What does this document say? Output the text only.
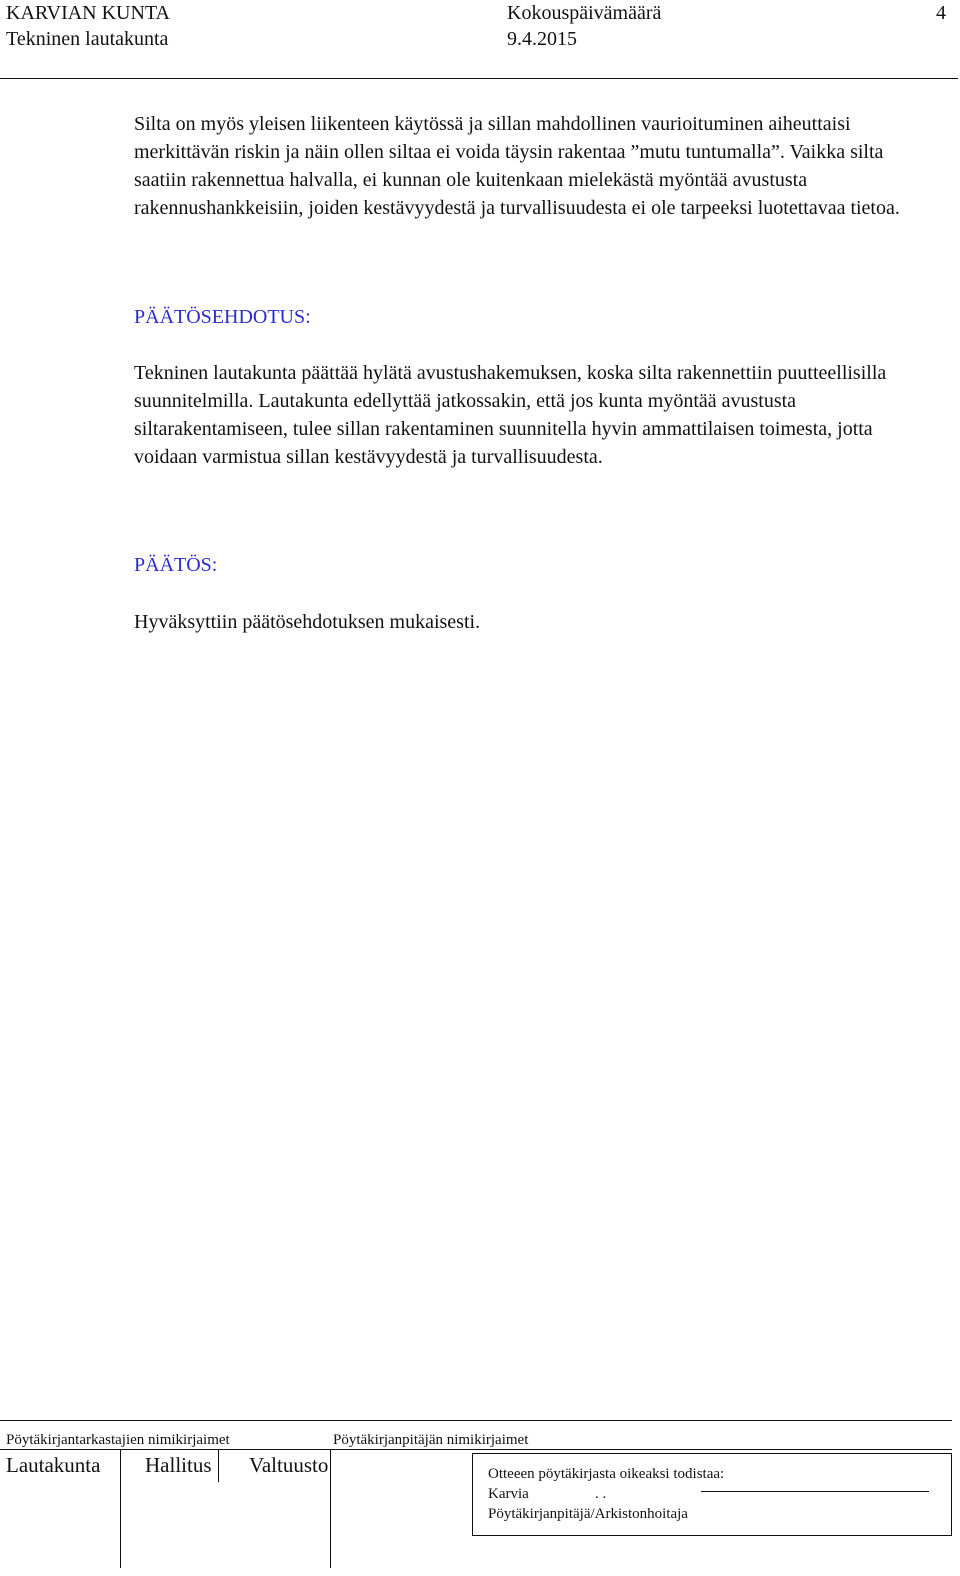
KARVIAN KUNTA
Tekninen lautakunta
Kokouspäivämäärä
9.4.2015
4

Silta on myös yleisen liikenteen käytössä ja sillan mahdollinen vaurioituminen aiheuttaisi merkittävän riskin ja näin ollen siltaa ei voida täysin rakentaa ”mutu tuntumalla”. Vaikka silta saatiin rakennettua halvalla, ei kunnan ole kuitenkaan mielekästä myöntää avustusta rakennushankkeisiin, joiden kestävyydestä ja turvallisuudesta ei ole tarpeeksi luotettavaa tietoa.

PÄÄTÖSEHDOTUS:

Tekninen lautakunta päättää hylätä avustushakemuksen, koska silta rakennettiin puutteellisilla suunnitelmilla. Lautakunta edellyttää jatkossakin, että jos kunta myöntää avustusta siltarakentamiseen, tulee sillan rakentaminen suunnitella hyvin ammattilaisen toimesta, jotta voidaan varmistua sillan kestävyydestä ja turvallisuudesta.

PÄÄTÖS:

Hyväksyttiin päätösehdotuksen mukaisesti.

Pöytäkirjantarkastajien nimikirjaimet	Pöytäkirjanpitäjän nimikirjaimet
Lautakunta Hallitus Valtuusto	Otteeen pöytäkirjasta oikeaksi todistaa:
Karvia	. .
Pöytäkirjanpitäjä/Arkistonhoitaja
